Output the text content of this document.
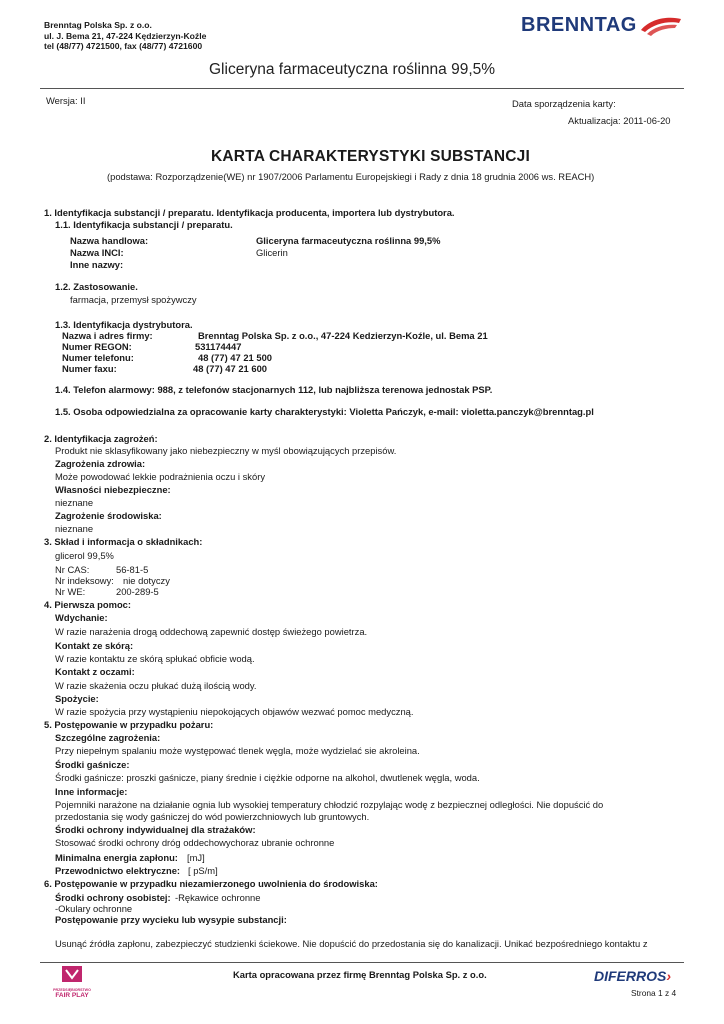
Brenntag Polska Sp. z o.o.
ul. J. Bema 21, 47-224 Kędzierzyn-Koźle
tel (48/77) 4721500, fax (48/77) 4721600
BRENNTAG
Gliceryna farmaceutyczna roślinna 99,5%
Wersja: II	Data sporządzenia karty:
Aktualizacja: 2011-06-20
KARTA CHARAKTERYSTYKI SUBSTANCJI
(podstawa: Rozporządzenie(WE) nr 1907/2006 Parlamentu Europejskiegi i Rady z dnia 18 grudnia 2006 ws. REACH)
1. Identyfikacja substancji / preparatu. Identyfikacja producenta, importera lub dystrybutora.
1.1. Identyfikacja substancji / preparatu.
Nazwa handlowa:	Gliceryna farmaceutyczna roślinna 99,5%
Nazwa INCI:	Glicerin
Inne nazwy:
1.2. Zastosowanie.
farmacja, przemysł spożywczy
1.3. Identyfikacja dystrybutora.
Nazwa i adres firmy:	Brenntag Polska Sp. z o.o., 47-224 Kedzierzyn-Koźle, ul. Bema 21
Numer REGON:	531174447
Numer telefonu:	48 (77) 47 21 500
Numer faxu:	48 (77) 47 21 600
1.4. Telefon alarmowy: 988, z telefonów stacjonarnych 112, lub najbliższa terenowa jednostak PSP.
1.5. Osoba odpowiedzialna za opracowanie karty charakterystyki: Violetta Pańczyk, e-mail: violetta.panczyk@brenntag.pl
2. Identyfikacja zagrożeń:
Produkt nie sklasyfikowany jako niebezpieczny w myśl obowiązujących przepisów.
Zagrożenia zdrowia:
Może powodować lekkie podrażnienia oczu i skóry
Własności niebezpieczne:
nieznane
Zagrożenie środowiska:
nieznane
3. Skład i informacja o składnikach:
glicerol 99,5%
Nr CAS:	56-81-5
Nr indeksowy: nie dotyczy
Nr WE:	200-289-5
4. Pierwsza pomoc:
Wdychanie:
W razie narażenia drogą oddechową zapewnić dostęp świeżego powietrza.
Kontakt ze skórą:
W razie kontaktu ze skórą spłukać obficie wodą.
Kontakt z oczami:
W razie skażenia oczu płukać dużą ilością wody.
Spożycie:
W razie spożycia przy wystąpieniu niepokojących objawów wezwać pomoc medyczną.
5. Postępowanie w przypadku pożaru:
Szczególne zagrożenia:
Przy niepełnym spalaniu może występować tlenek węgla, może wydzielać sie akroleina.
Środki gaśnicze:
Środki gaśnicze: proszki gaśnicze, piany średnie i ciężkie odporne na alkohol, dwutlenek węgla, woda.
Inne informacje:
Pojemniki narażone na działanie ognia lub wysokiej temperatury chłodzić rozpylając wodę z bezpiecznej odległości. Nie dopuścić do
przedostania się wody gaśniczej do wód powierzchniowych lub gruntowych.
Środki ochrony indywidualnej dla strażaków:
Stosować środki ochrony dróg oddechowychoraz ubranie ochronne
Minimalna energia zapłonu: [mJ]
Przewodnictwo elektryczne: [ pS/m]
6. Postępowanie w przypadku niezamierzonego uwolnienia do środowiska:
Środki ochrony osobistej: -Rękawice ochronne
-Okulary ochronne
Postępowanie przy wycieku lub wysypie substancji:
Usunąć źródła zapłonu, zabezpieczyć studzienki ściekowe. Nie dopuścić do przedostania się do kanalizacji. Unikać bezpośredniego kontaktu z
PRZEDSIĘBIORSTWO
FAIR PLAY
Karta opracowana przez firmę Brenntag Polska Sp. z o.o.	DIFERROS›
Strona 1 z 4
